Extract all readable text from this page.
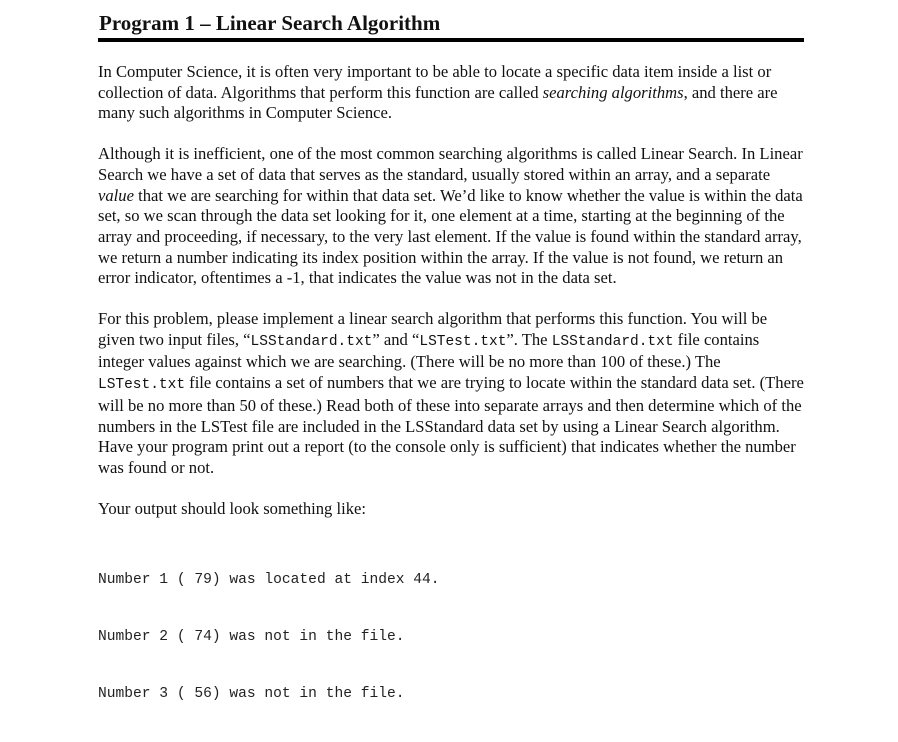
Program 1 – Linear Search Algorithm

In Computer Science, it is often very important to be able to locate a specific data item inside a list or collection of data. Algorithms that perform this function are called searching algorithms, and there are many such algorithms in Computer Science.

Although it is inefficient, one of the most common searching algorithms is called Linear Search. In Linear Search we have a set of data that serves as the standard, usually stored within an array, and a separate value that we are searching for within that data set. We’d like to know whether the value is within the data set, so we scan through the data set looking for it, one element at a time, starting at the beginning of the array and proceeding, if necessary, to the very last element. If the value is found within the standard array, we return a number indicating its index position within the array. If the value is not found, we return an error indicator, oftentimes a -1, that indicates the value was not in the data set.

For this problem, please implement a linear search algorithm that performs this function. You will be given two input files, “LSStandard.txt” and “LSTest.txt”. The LSStandard.txt file contains integer values against which we are searching. (There will be no more than 100 of these.) The LSTest.txt file contains a set of numbers that we are trying to locate within the standard data set. (There will be no more than 50 of these.) Read both of these into separate arrays and then determine which of the numbers in the LSTest file are included in the LSStandard data set by using a Linear Search algorithm. Have your program print out a report (to the console only is sufficient) that indicates whether the number was found or not.

Your output should look something like:

Number 1 ( 79) was located at index 44.

Number 2 ( 74) was not in the file.

Number 3 ( 56) was not in the file.
